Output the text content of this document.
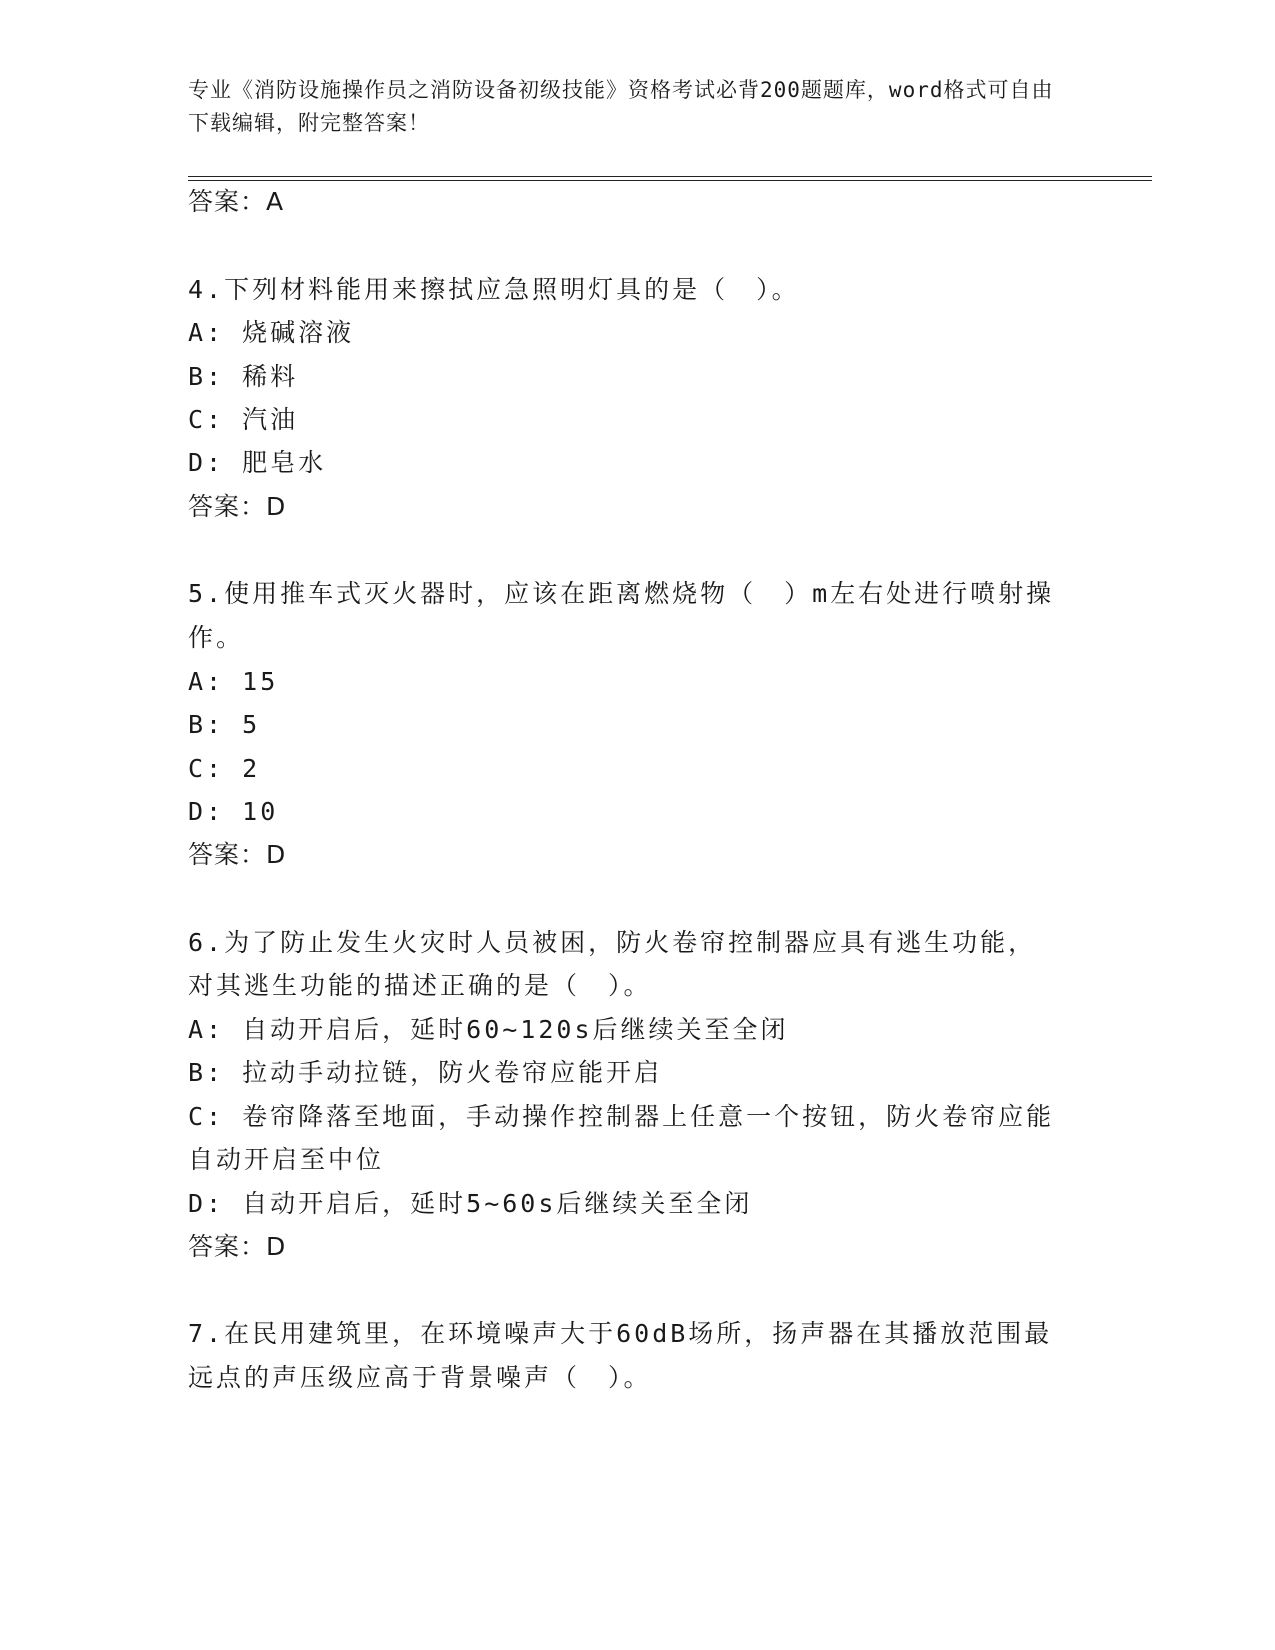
专业《消防设施操作员之消防设备初级技能》资格考试必背200题题库，word格式可自由下载编辑，附完整答案！
答案：A
4.下列材料能用来擦拭应急照明灯具的是（　）。
A: 烧碱溶液
B: 稀料
C: 汽油
D: 肥皂水
答案：D
5.使用推车式灭火器时，应该在距离燃烧物（　）m左右处进行喷射操
作。
A: 15
B: 5
C: 2
D: 10
答案：D
6.为了防止发生火灾时人员被困，防火卷帘控制器应具有逃生功能，
对其逃生功能的描述正确的是（　）。
A: 自动开启后，延时60~120s后继续关至全闭
B: 拉动手动拉链，防火卷帘应能开启
C: 卷帘降落至地面，手动操作控制器上任意一个按钮，防火卷帘应能
自动开启至中位
D: 自动开启后，延时5~60s后继续关至全闭
答案：D
7.在民用建筑里，在环境噪声大于60dB场所，扬声器在其播放范围最
远点的声压级应高于背景噪声（　）。
